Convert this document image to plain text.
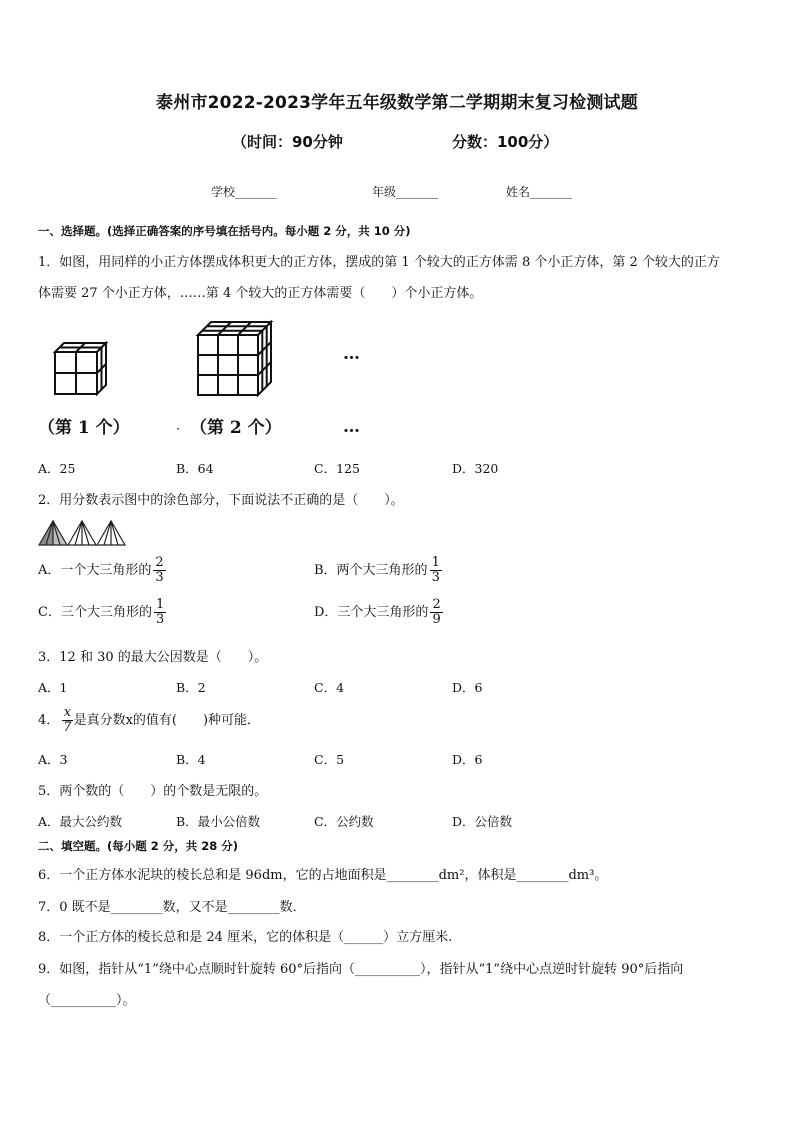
泰州市2022-2023学年五年级数学第二学期期末复习检测试题
（时间：90分钟	分数：100分）
学校_______	年级_______	姓名_______
一、选择题。(选择正确答案的序号填在括号内。每小题 2 分，共 10 分)
1．如图，用同样的小正方体摆成体积更大的正方体，摆成的第 1 个较大的正方体需 8 个小正方体，第 2 个较大的正方
体需要 27 个小正方体，……第 4 个较大的正方体需要（　　）个小正方体。
…
（第 1 个）	· （第 2 个）	…
A．25	B．64	C．125	D．320
2．用分数表示图中的涂色部分，下面说法不正确的是（　　）。
A．一个大三角形的 $\frac{2}{3}$	B．两个大三角形的 $\frac{1}{3}$
C．三个大三角形的 $\frac{1}{3}$	D．三个大三角形的 $\frac{2}{9}$
3．12 和 30 的最大公因数是（　　）。
A．1	B．2	C．4	D．6
4． $\frac{x}{7}$ 是真分数x的值有(　　)种可能．
A．3	B．4	C．5	D．6
5．两个数的（　　）的个数是无限的。
A．最大公约数	B．最小公倍数	C．公约数	D．公倍数
二、填空题。(每小题 2 分，共 28 分)
6．一个正方体水泥块的棱长总和是 96dm，它的占地面积是________dm²，体积是________dm³。
7．0 既不是________数，又不是________数．
8．一个正方体的棱长总和是 24 厘米，它的体积是（______）立方厘米.
9．如图，指针从“1”绕中心点顺时针旋转 60°后指向（__________），指针从“1”绕中心点逆时针旋转 90°后指向
（__________）。
